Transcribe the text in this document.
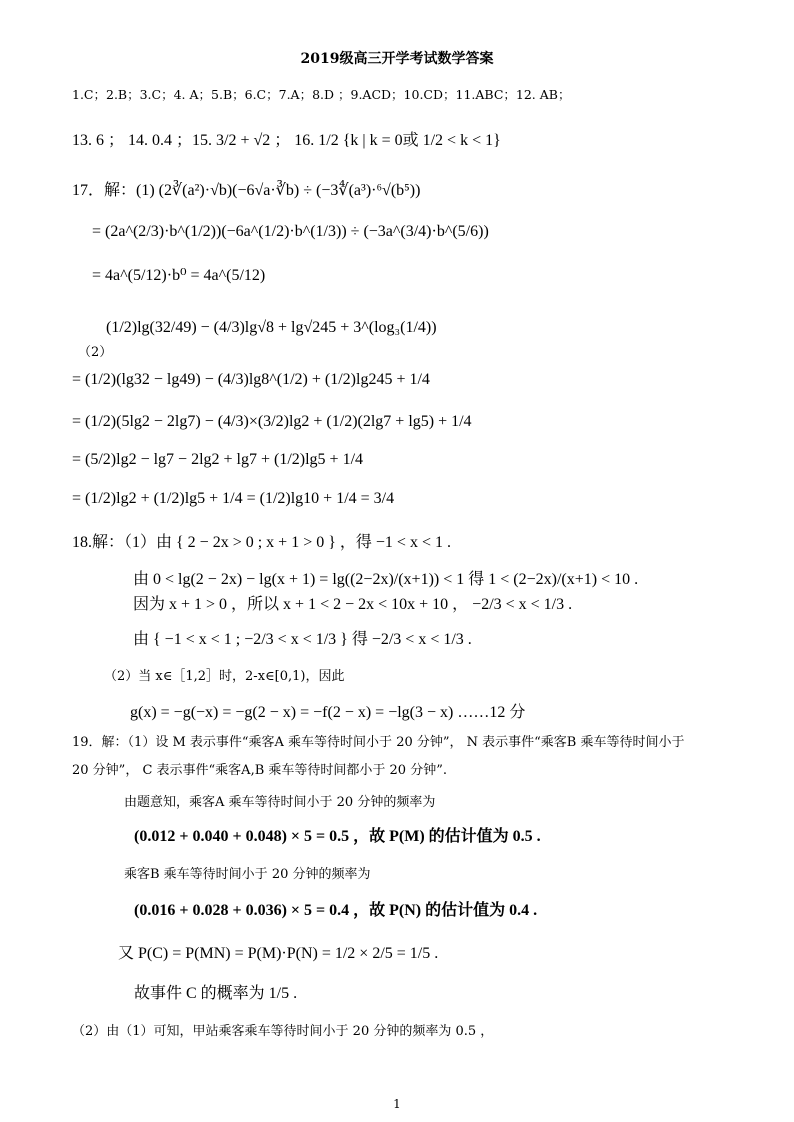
2019级高三开学考试数学答案
1.C；2.B；3.C；4. A；5.B；6.C；7.A；8.D ；9.ACD；10.CD；11.ABC；12. AB；
13. 6 ； 14. 0.4 ；15. 3/2 + √2 ； 16. 1/2 {k | k = 0或 1/2 < k < 1}
17．解：(1) (2∛(a²)·√b)(−6√a·∛b) ÷ (−3∜(a³)·⁶√(b⁵))
= (2a^(2/3)·b^(1/2))(−6a^(1/2)·b^(1/3)) ÷ (−3a^(3/4)·b^(5/6))
= 4a^(5/12)·b⁰ = 4a^(5/12)
(1/2)lg(32/49) − (4/3)lg√8 + lg√245 + 3^(log₃(1/4))
（2）
= (1/2)(lg32 − lg49) − (4/3)lg8^(1/2) + (1/2)lg245 + 1/4
= (1/2)(5lg2 − 2lg7) − (4/3)×(3/2)lg2 + (1/2)(2lg7 + lg5) + 1/4
= (5/2)lg2 − lg7 − 2lg2 + lg7 + (1/2)lg5 + 1/4
= (1/2)lg2 + (1/2)lg5 + 1/4 = (1/2)lg10 + 1/4 = 3/4
18.解：（1）由 { 2 − 2x > 0 ; x + 1 > 0 } ，得 −1 < x < 1 .
由 0 < lg(2 − 2x) − lg(x + 1) = lg((2−2x)/(x+1)) < 1 得 1 < (2−2x)/(x+1) < 10 .
因为 x + 1 > 0 ，所以 x + 1 < 2 − 2x < 10x + 10 ， −2/3 < x < 1/3 .
由 { −1 < x < 1 ; −2/3 < x < 1/3 } 得 −2/3 < x < 1/3 .
（2）当 x∈［1,2］时，2-x∈[0,1)，因此
g(x) = −g(−x) = −g(2 − x) = −f(2 − x) = −lg(3 − x) ……12 分
19．解：（1）设 M 表示事件“乘客A 乘车等待时间小于 20 分钟”， N 表示事件“乘客B 乘车等待时间小于
20 分钟”， C 表示事件“乘客A,B 乘车等待时间都小于 20 分钟”.
由题意知，乘客A 乘车等待时间小于 20 分钟的频率为
(0.012 + 0.040 + 0.048) × 5 = 0.5 ，故 P(M) 的估计值为 0.5 .
乘客B 乘车等待时间小于 20 分钟的频率为
(0.016 + 0.028 + 0.036) × 5 = 0.4 ，故 P(N) 的估计值为 0.4 .
又 P(C) = P(MN) = P(M)·P(N) = 1/2 × 2/5 = 1/5 .
故事件 C 的概率为 1/5 .
（2）由（1）可知，甲站乘客乘车等待时间小于 20 分钟的频率为 0.5 ，
1
